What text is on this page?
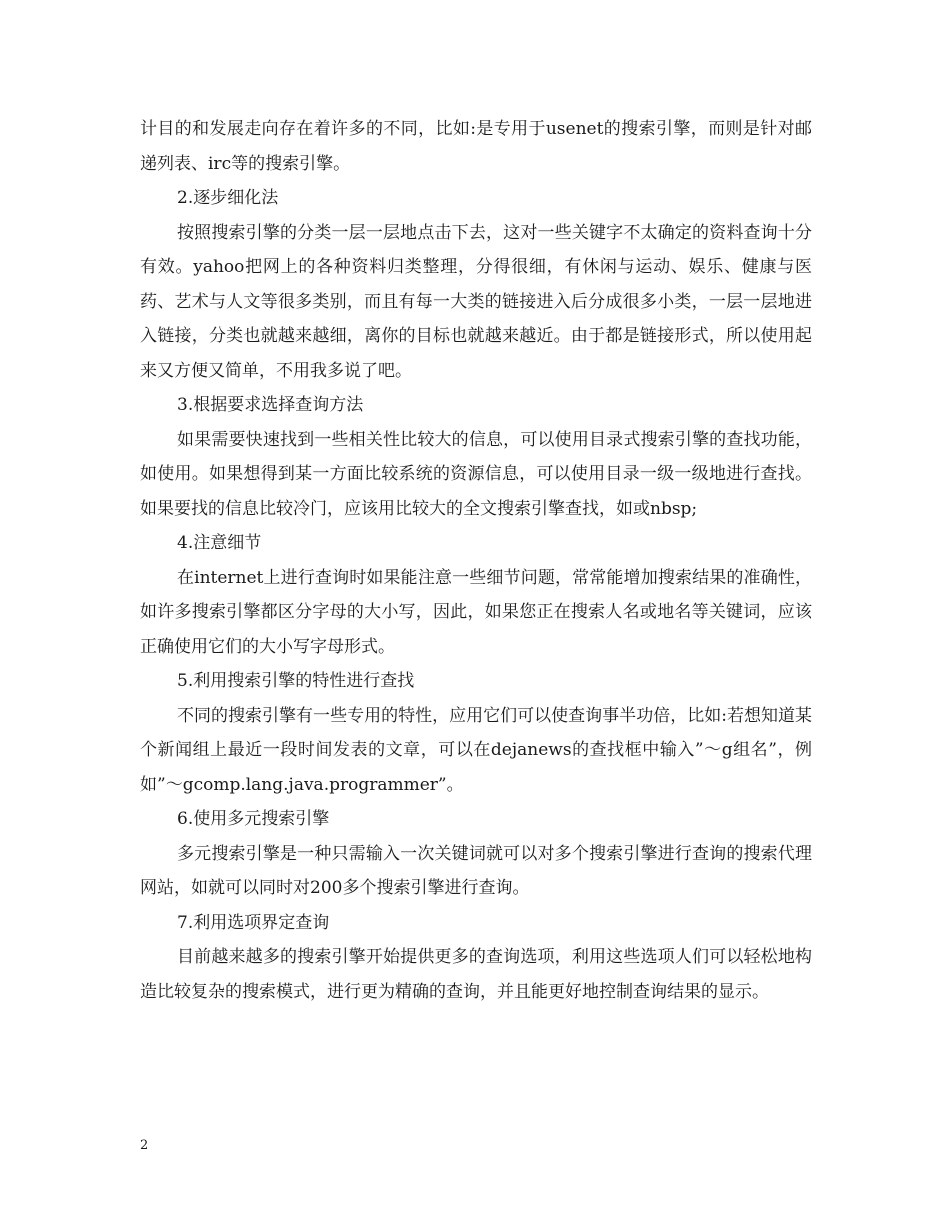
计目的和发展走向存在着许多的不同，比如:是专用于usenet的搜索引擎，而则是针对邮递列表、irc等的搜索引擎。

2.逐步细化法

按照搜索引擎的分类一层一层地点击下去，这对一些关键字不太确定的资料查询十分有效。yahoo把网上的各种资料归类整理，分得很细，有休闲与运动、娱乐、健康与医药、艺术与人文等很多类别，而且有每一大类的链接进入后分成很多小类，一层一层地进入链接，分类也就越来越细，离你的目标也就越来越近。由于都是链接形式，所以使用起来又方便又简单，不用我多说了吧。

3.根据要求选择查询方法

如果需要快速找到一些相关性比较大的信息，可以使用目录式搜索引擎的查找功能，如使用。如果想得到某一方面比较系统的资源信息，可以使用目录一级一级地进行查找。如果要找的信息比较冷门，应该用比较大的全文搜索引擎查找，如或nbsp;

4.注意细节

在internet上进行查询时如果能注意一些细节问题，常常能增加搜索结果的准确性，如许多搜索引擎都区分字母的大小写，因此，如果您正在搜索人名或地名等关键词，应该正确使用它们的大小写字母形式。

5.利用搜索引擎的特性进行查找

不同的搜索引擎有一些专用的特性，应用它们可以使查询事半功倍，比如:若想知道某个新闻组上最近一段时间发表的文章，可以在dejanews的查找框中输入”～g组名”，例如”～gcomp.lang.java.programmer”。

6.使用多元搜索引擎

多元搜索引擎是一种只需输入一次关键词就可以对多个搜索引擎进行查询的搜索代理网站，如就可以同时对200多个搜索引擎进行查询。

7.利用选项界定查询

目前越来越多的搜索引擎开始提供更多的查询选项，利用这些选项人们可以轻松地构造比较复杂的搜索模式，进行更为精确的查询，并且能更好地控制查询结果的显示。

2
